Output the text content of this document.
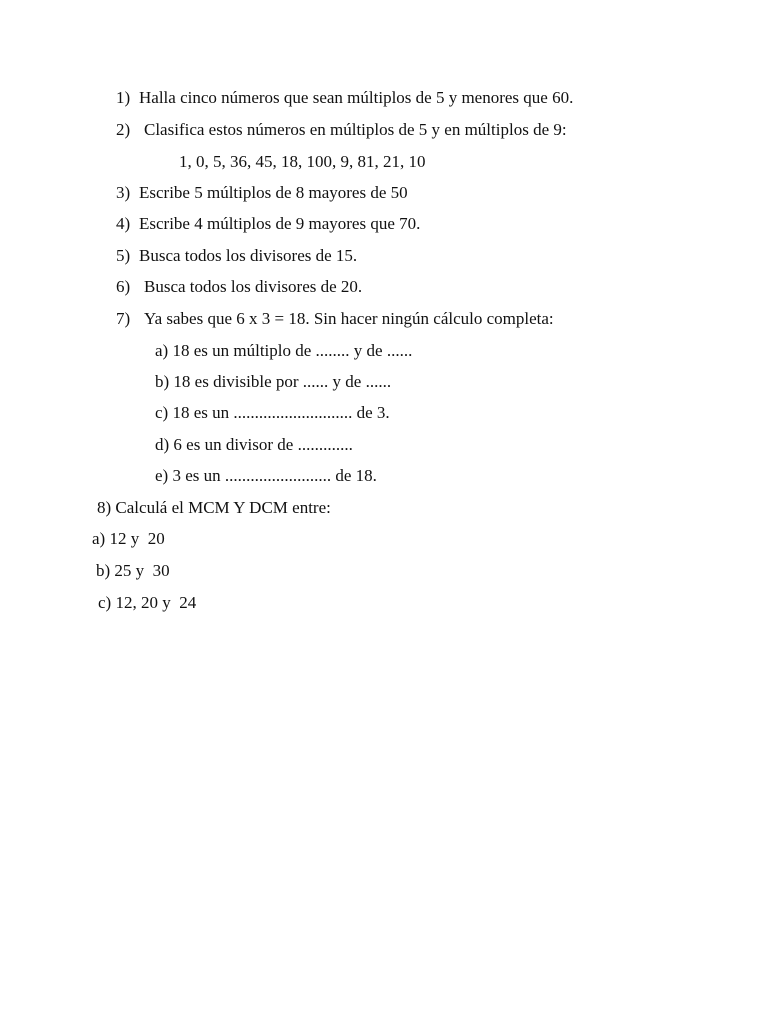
1) Halla cinco números que sean múltiplos de 5 y menores que 60.
2) Clasifica estos números en múltiplos de 5 y en múltiplos de 9:
1, 0, 5, 36, 45, 18, 100, 9, 81, 21, 10
3) Escribe 5 múltiplos de 8 mayores de 50
4) Escribe 4 múltiplos de 9 mayores que 70.
5) Busca todos los divisores de 15.
6) Busca todos los divisores de 20.
7) Ya sabes que 6 x 3 = 18. Sin hacer ningún cálculo completa:
a) 18 es un múltiplo de ........ y de ......
b) 18 es divisible por ...... y de ......
c) 18 es un ............................ de 3.
d) 6 es un divisor de .............
e) 3 es un ......................... de 18.
8) Calculá el MCM Y DCM entre:
a) 12 y  20
b) 25 y  30
c) 12, 20 y  24
